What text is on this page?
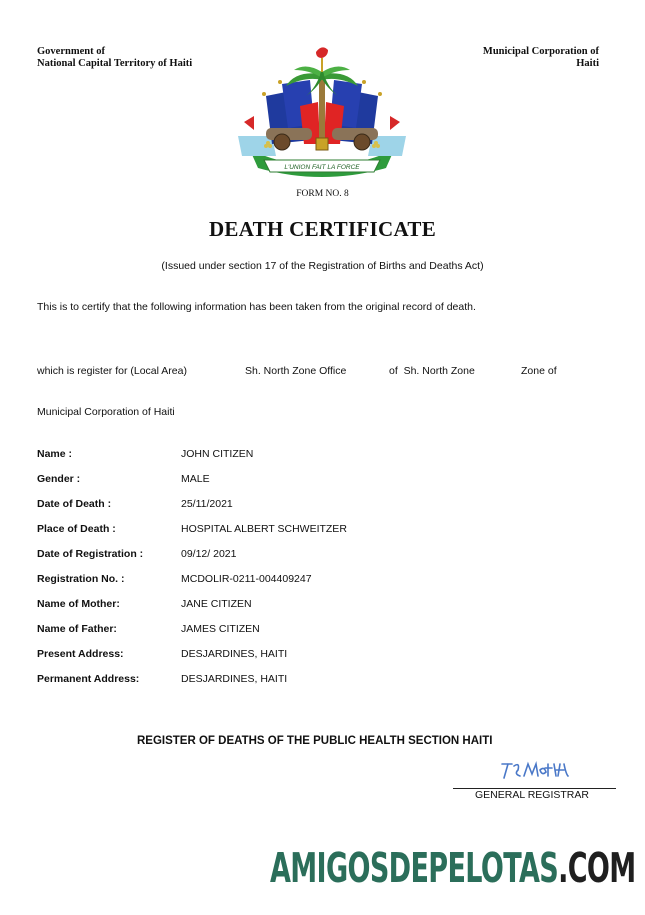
Government of
National Capital Territory of Haiti
Municipal Corporation of
Haiti
L'UNION FAIT LA FORCE
FORM NO. 8
DEATH CERTIFICATE
(Issued under section 17 of the Registration of Births and Deaths Act)
This is to certify that the following information has been taken from the original record of death.
which is register for (Local Area)	Sh. North Zone Office	of  Sh. North Zone	Zone of
Municipal Corporation of Haiti
Name :	JOHN CITIZEN
Gender :	MALE
Date of Death :	25/11/2021
Place of Death :	HOSPITAL ALBERT SCHWEITZER
Date of Registration :	09/12/ 2021
Registration No. :	MCDOLIR-0211-004409247
Name of Mother:	JANE CITIZEN
Name of Father:	JAMES CITIZEN
Present Address:	DESJARDINES, HAITI
Permanent Address:	DESJARDINES, HAITI
REGISTER OF DEATHS OF THE PUBLIC HEALTH SECTION HAITI
GENERAL REGISTRAR
AMIGOSDEPELOTAS.COM
